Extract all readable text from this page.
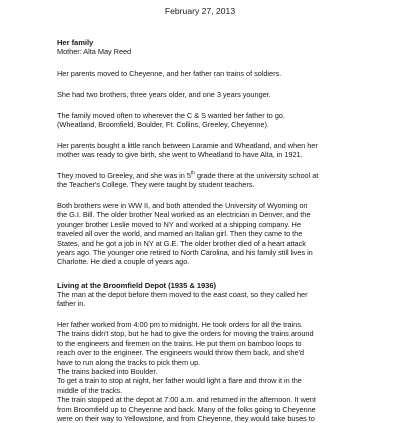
February 27, 2013
Her family
Mother: Alta May Reed
Her parents moved to Cheyenne, and her father ran trains of soldiers.
She had two brothers, three years older, and one 3 years younger.
The family moved often to wherever the C & S wanted her father to go.
(Wheatland, Broomfield, Boulder, Ft. Collins, Greeley, Cheyenne).
Her parents bought a little ranch between Laramie and Wheatland, and when her
mother was ready to give birth, she went to Wheatland to have Alta, in 1921.
They moved to Greeley, and she was in 5th grade there at the university school at
the Teacher's College. They were taught by student teachers.
Both brothers were in WW II, and both attended the University of Wyoming on
the G.I. Bill. The older brother Neal worked as an electrician in Denver, and the
younger brother Leslie moved to NY and worked at a shipping company. He
traveled all over the world, and married an Italian girl. Then they came to the
States, and he got a job in NY at G.E. The older brother died of a heart attack
years ago. The younger one retired to North Carolina, and his family still lives in
Charlotte. He died a couple of years ago.
Living at the Broomfield Depot (1935 & 1936)
The man at the depot before them moved to the east coast, so they called her
father in.
Her father worked from 4:00 pm to midnight. He took orders for all the trains.
The trains didn't stop, but he had to give the orders for moving the trains around
to the engineers and firemen on the trains. He put them on bamboo loops to
reach over to the engineer. The engineers would throw them back, and she'd
have to run along the tracks to pick them up.
The trains backed into Boulder.
To get a train to stop at night, her father would light a flare and throw it in the
middle of the tracks.
The train stopped at the depot at 7:00 a.m. and returned in the afternoon. It went
from Broomfield up to Cheyenne and back. Many of the folks going to Cheyenne
were on their way to Yellowstone, and from Cheyenne, they would take buses to
